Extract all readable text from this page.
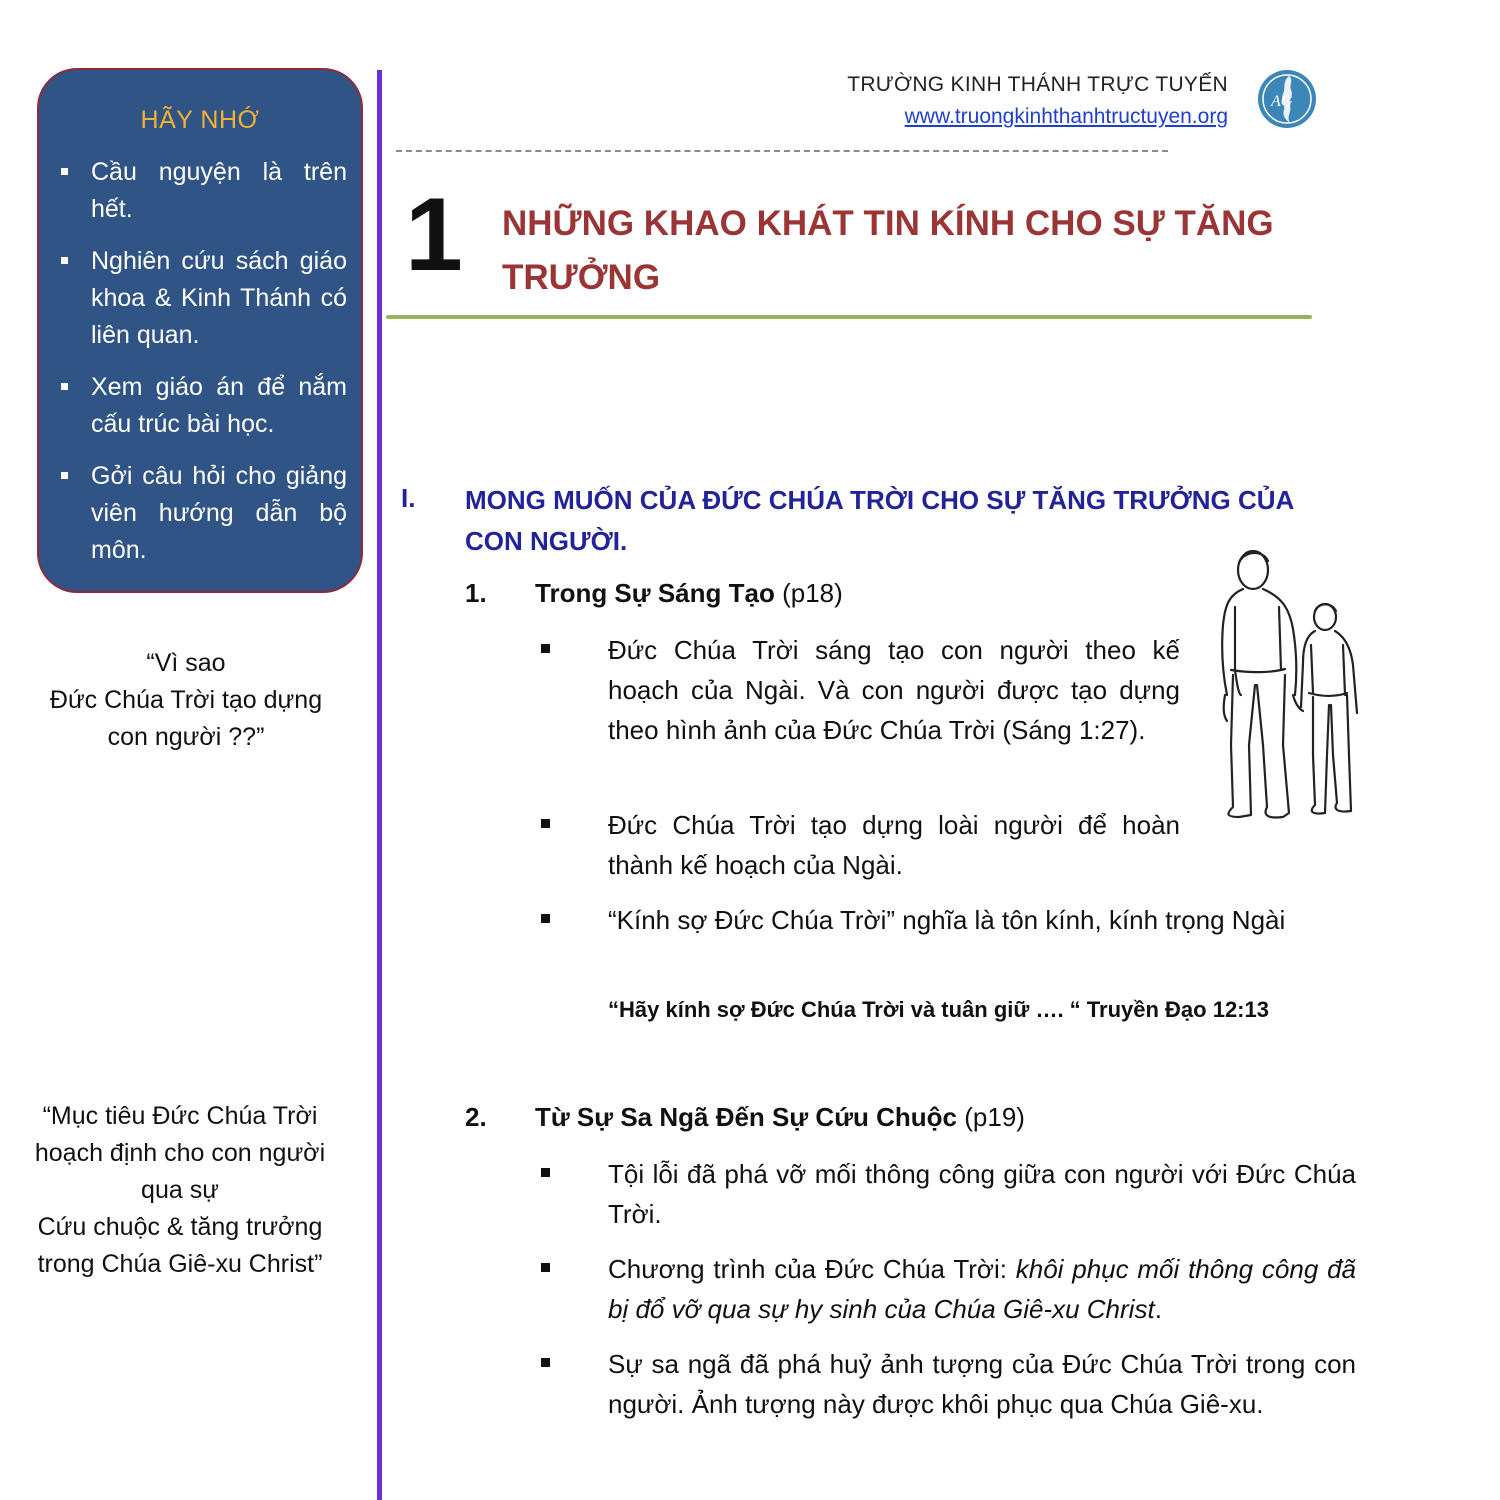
HÃY NHỚ
Cầu nguyện là trên hết.
Nghiên cứu sách giáo khoa & Kinh Thánh có liên quan.
Xem giáo án để nắm cấu trúc bài học.
Gởi câu hỏi cho giảng viên hướng dẫn bộ môn.
“Vì sao
Đức Chúa Trời tạo dựng
con người ??”
“Mục tiêu Đức Chúa Trời
hoạch định cho con người
qua sự
Cứu chuộc & tăng trưởng
trong Chúa Giê-xu Christ”
TRƯỜNG KINH THÁNH TRỰC TUYẾN
www.truongkinhthanhtructuyen.org
AG
1 NHỮNG KHAO KHÁT TIN KÍNH CHO SỰ TĂNG
TRƯỞNG
I. MONG MUỐN CỦA ĐỨC CHÚA TRỜI CHO SỰ TĂNG TRƯỞNG CỦA
CON NGƯỜI.
1. Trong Sự Sáng Tạo (p18)
Đức Chúa Trời sáng tạo con người theo kế hoạch của Ngài. Và con người được tạo dựng theo hình ảnh của Đức Chúa Trời (Sáng 1:27).
Đức Chúa Trời tạo dựng loài người để hoàn thành kế hoạch của Ngài.
“Kính sợ Đức Chúa Trời” nghĩa là tôn kính, kính trọng Ngài
“Hãy kính sợ Đức Chúa Trời và tuân giữ …. “ Truyền Đạo 12:13
2. Từ Sự Sa Ngã Đến Sự Cứu Chuộc (p19)
Tội lỗi đã phá vỡ mối thông công giữa con người với Đức Chúa Trời.
Chương trình của Đức Chúa Trời: khôi phục mối thông công đã bị đổ vỡ qua sự hy sinh của Chúa Giê-xu Christ.
Sự sa ngã đã phá huỷ ảnh tượng của Đức Chúa Trời trong con người. Ảnh tượng này được khôi phục qua Chúa Giê-xu.
